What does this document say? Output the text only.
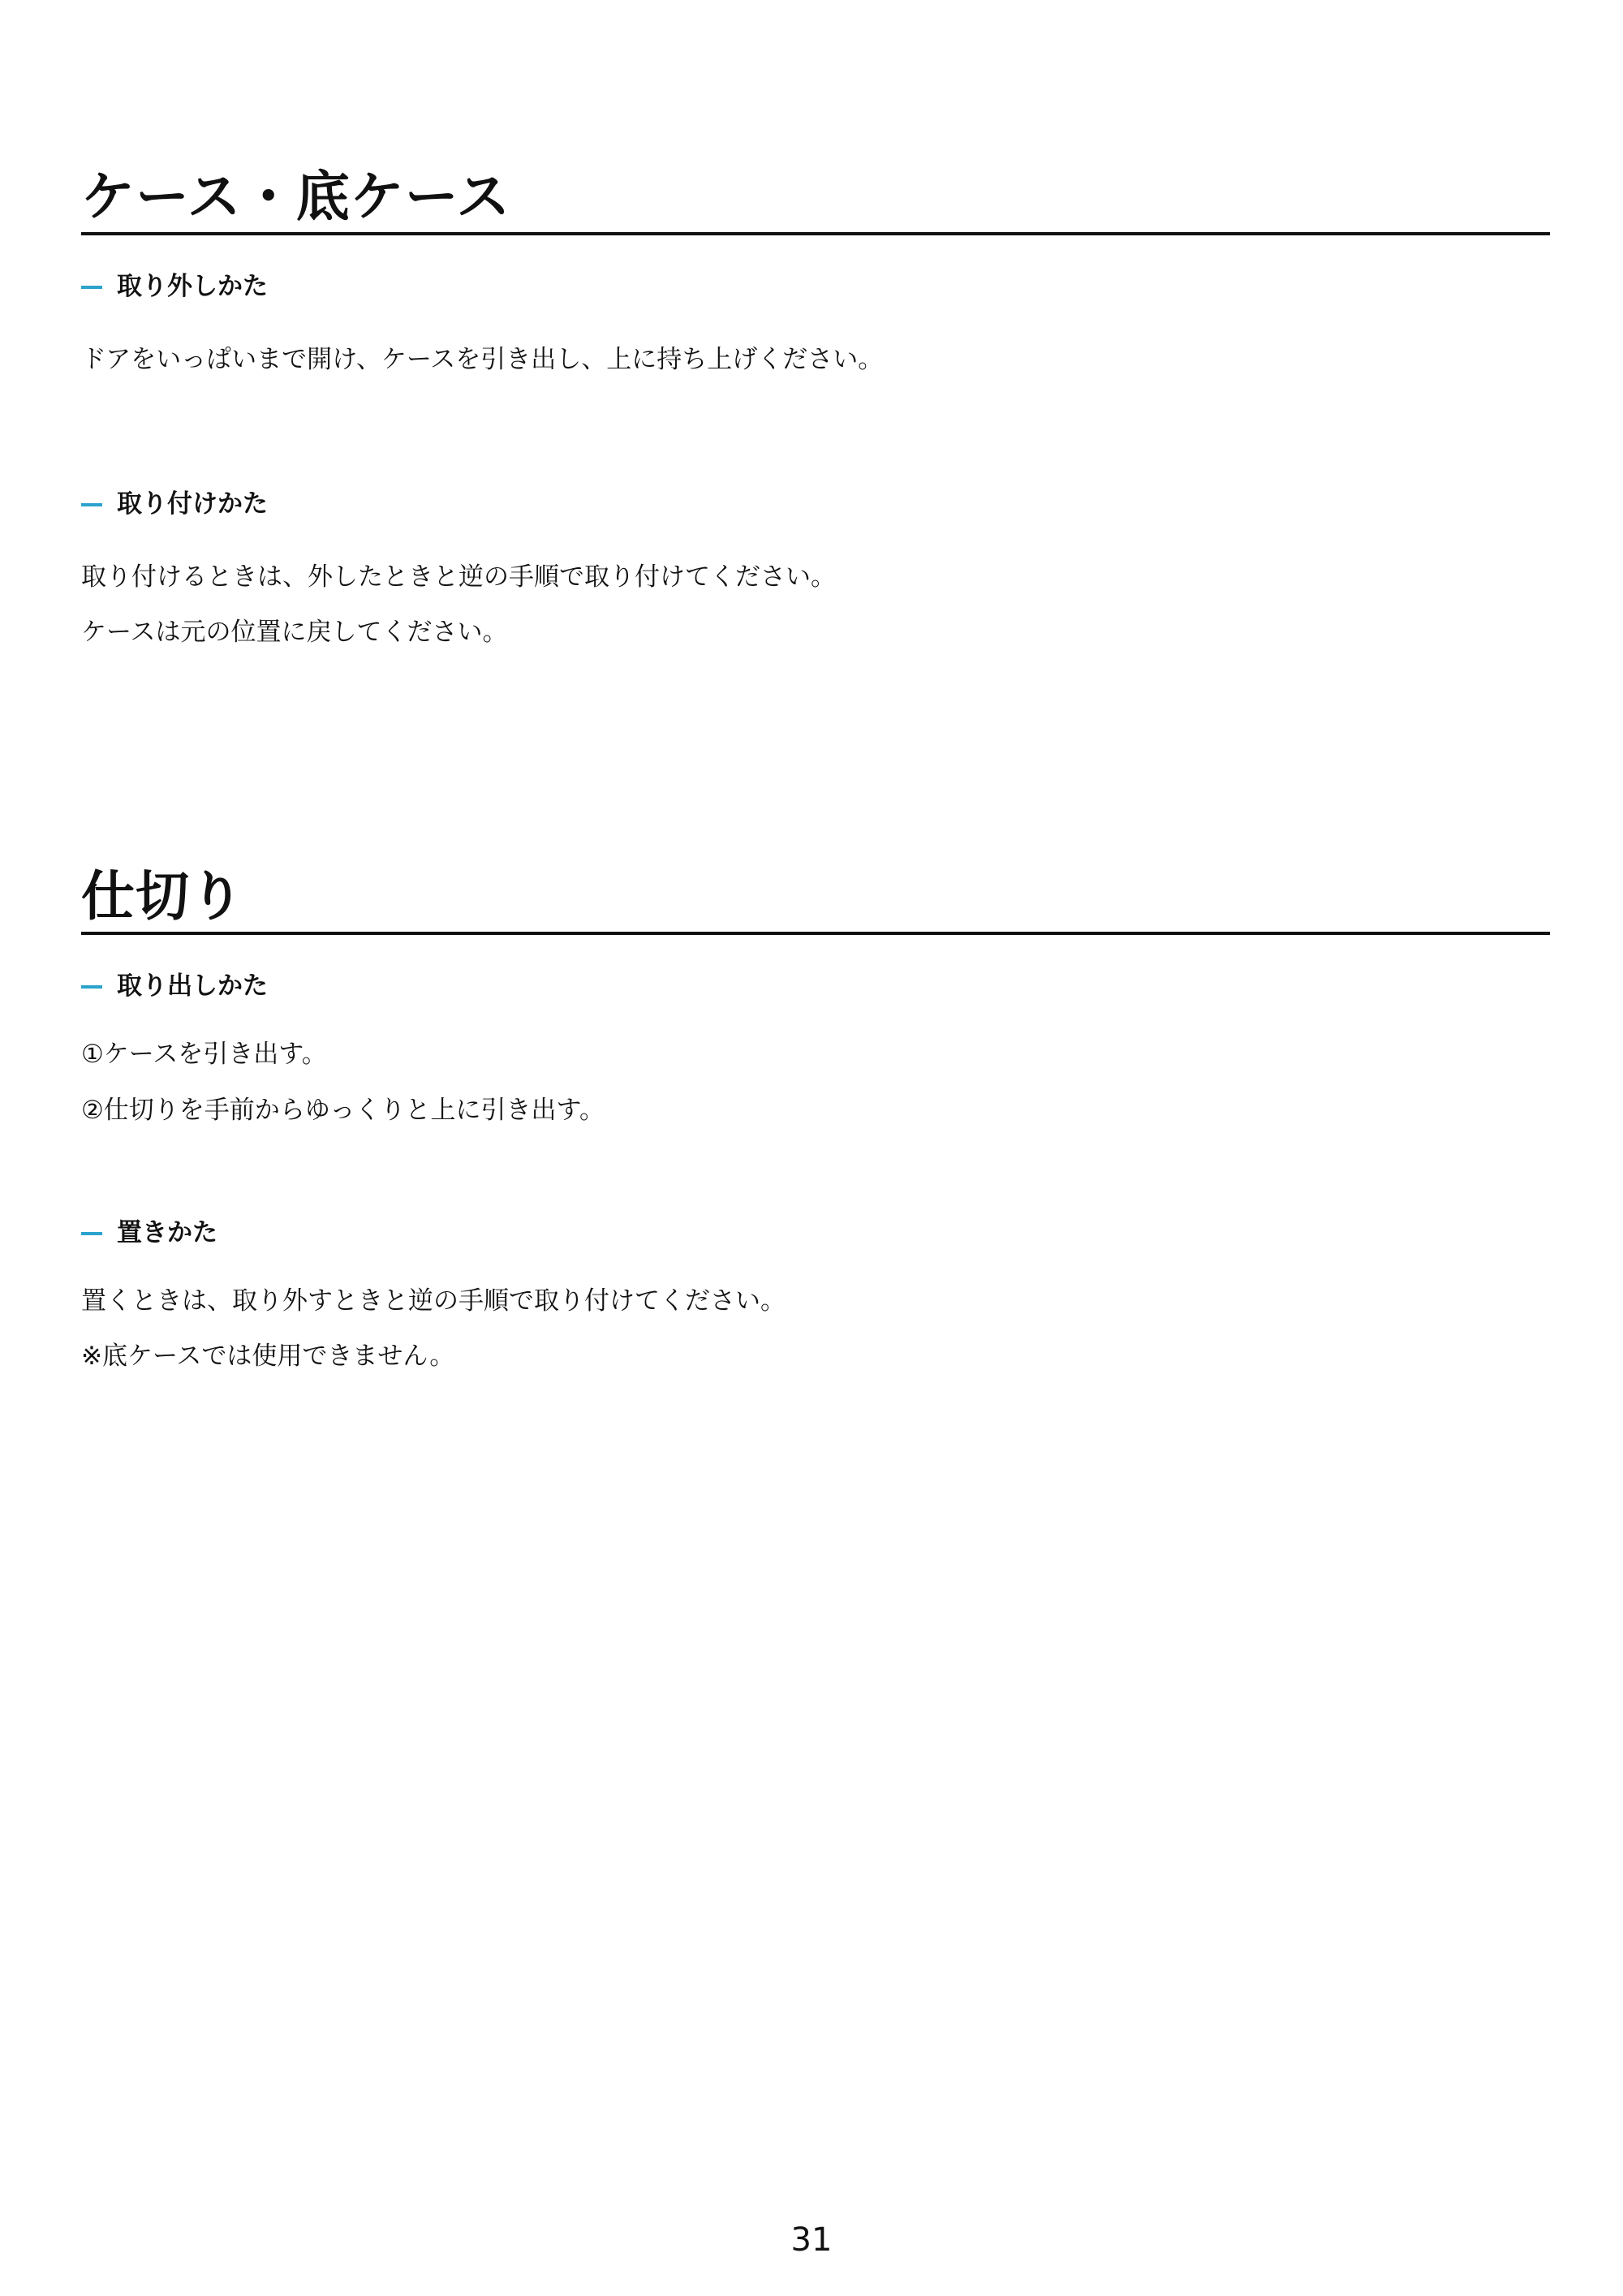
ケース・底ケース
取り外しかた
ドアをいっぱいまで開け、ケースを引き出し、上に持ち上げください。
取り付けかた
取り付けるときは、外したときと逆の手順で取り付けてください。
ケースは元の位置に戻してください。
仕切り
取り出しかた
①ケースを引き出す。
②仕切りを手前からゆっくりと上に引き出す。
置きかた
置くときは、取り外すときと逆の手順で取り付けてください。
※底ケースでは使用できません。
31
